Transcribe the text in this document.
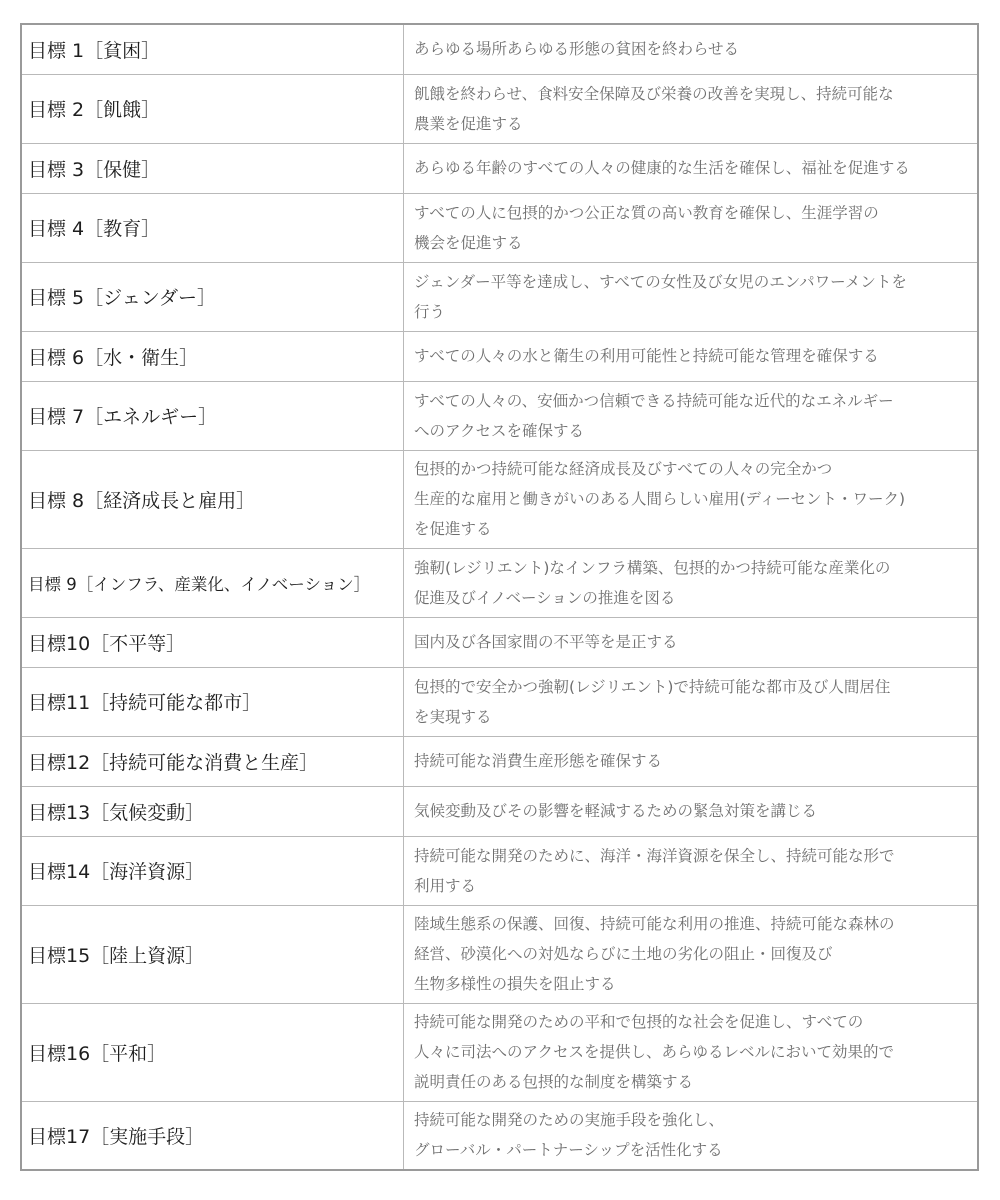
目標 1［貧困］	あらゆる場所あらゆる形態の貧困を終わらせる

目標 2［飢餓］	飢餓を終わらせ、食料安全保障及び栄養の改善を実現し、持続可能な
農業を促進する

目標 3［保健］	あらゆる年齢のすべての人々の健康的な生活を確保し、福祉を促進する

目標 4［教育］	すべての人に包摂的かつ公正な質の高い教育を確保し、生涯学習の
機会を促進する

目標 5［ジェンダー］	ジェンダー平等を達成し、すべての女性及び女児のエンパワーメントを
行う

目標 6［水・衛生］	すべての人々の水と衛生の利用可能性と持続可能な管理を確保する

目標 7［エネルギー］	すべての人々の、安価かつ信頼できる持続可能な近代的なエネルギー
へのアクセスを確保する

目標 8［経済成長と雇用］	包摂的かつ持続可能な経済成長及びすべての人々の完全かつ
生産的な雇用と働きがいのある人間らしい雇用(ディーセント・ワーク)
を促進する

目標 9［インフラ、産業化、イノベーション］	強靭(レジリエント)なインフラ構築、包摂的かつ持続可能な産業化の
促進及びイノベーションの推進を図る

目標10［不平等］	国内及び各国家間の不平等を是正する

目標11［持続可能な都市］	包摂的で安全かつ強靭(レジリエント)で持続可能な都市及び人間居住
を実現する

目標12［持続可能な消費と生産］	持続可能な消費生産形態を確保する

目標13［気候変動］	気候変動及びその影響を軽減するための緊急対策を講じる

目標14［海洋資源］	持続可能な開発のために、海洋・海洋資源を保全し、持続可能な形で
利用する

目標15［陸上資源］	陸域生態系の保護、回復、持続可能な利用の推進、持続可能な森林の
経営、砂漠化への対処ならびに土地の劣化の阻止・回復及び
生物多様性の損失を阻止する

目標16［平和］	持続可能な開発のための平和で包摂的な社会を促進し、すべての
人々に司法へのアクセスを提供し、あらゆるレベルにおいて効果的で
説明責任のある包摂的な制度を構築する

目標17［実施手段］	持続可能な開発のための実施手段を強化し、
グローバル・パートナーシップを活性化する
